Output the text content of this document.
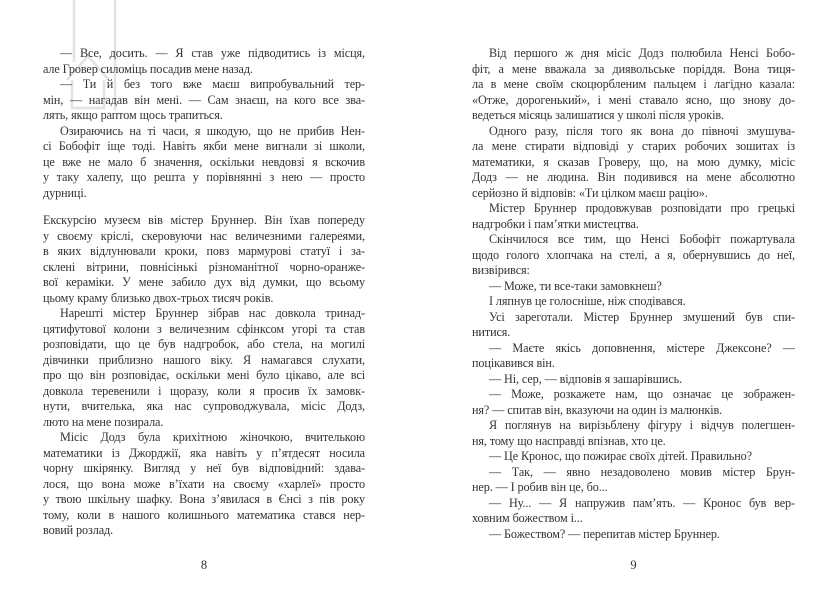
— Все, досить. — Я став уже підводитись із місця,
але Гровер силоміць посадив мене назад.
— Ти й без того вже маєш випробувальний тер-
мін, — нагадав він мені. — Сам знаєш, на кого все зва-
лять, якщо раптом щось трапиться.
Озираючись на ті часи, я шкодую, що не прибив Нен-
сі Бобофіт іще тоді. Навіть якби мене вигнали зі школи,
це вже не мало б значення, оскільки невдовзі я вскочив
у таку халепу, що решта у порівнянні з нею — просто
дурниці.
Екскурсію музеєм вів містер Бруннер. Він їхав попереду
у своєму кріслі, скеровуючи нас величезними галереями,
в яких відлунювали кроки, повз мармурові статуї і за-
склені вітрини, повнісінькі різноманітної чорно-оранже-
вої кераміки. У мене забило дух від думки, що всьому
цьому краму близько двох-трьох тисяч років.
Нарешті містер Бруннер зібрав нас довкола тринад-
цятифутової колони з величезним сфінксом угорі та став
розповідати, що це був надгробок, або стела, на могилі
дівчинки приблизно нашого віку. Я намагався слухати,
про що він розповідає, оскільки мені було цікаво, але всі
довкола теревенили і щоразу, коли я просив їх замовк-
нути, вчителька, яка нас супроводжувала, місіс Додз,
люто на мене позирала.
Місіс Додз була крихітною жіночкою, вчителькою
математики із Джорджії, яка навіть у п’ятдесят носила
чорну шкірянку. Вигляд у неї був відповідний: здава-
лося, що вона може в’їхати на своєму «харлеї» просто
у твою шкільну шафку. Вона з’явилася в Єнсі з пів року
тому, коли в нашого колишнього математика стався нер-
вовий розлад.
8
Від першого ж дня місіс Додз полюбила Ненсі Бобо-
фіт, а мене вважала за диявольське поріддя. Вона тиця-
ла в мене своїм скоцюрбленим пальцем і лагідно казала:
«Отже, дорогенький», і мені ставало ясно, що знову до-
ведеться місяць залишатися у школі після уроків.
Одного разу, після того як вона до півночі змушува-
ла мене стирати відповіді у старих робочих зошитах із
математики, я сказав Гроверу, що, на мою думку, місіс
Додз — не людина. Він подивився на мене абсолютно
серйозно й відповів: «Ти цілком маєш рацію».
Містер Бруннер продовжував розповідати про грецькі
надгробки і пам’ятки мистецтва.
Скінчилося все тим, що Ненсі Бобофіт пожартувала
щодо голого хлопчака на стелі, а я, обернувшись до неї,
визвірився:
— Може, ти все-таки замовкнеш?
І ляпнув це голосніше, ніж сподівався.
Усі зареготали. Містер Бруннер змушений був спи-
нитися.
— Маєте якісь доповнення, містере Джексоне? —
поцікавився він.
— Ні, сер, — відповів я зашарівшись.
— Може, розкажете нам, що означає це зображен-
ня? — спитав він, вказуючи на один із малюнків.
Я поглянув на вирізьблену фігуру і відчув полегшен-
ня, тому що насправді впізнав, хто це.
— Це Кронос, що пожирає своїх дітей. Правильно?
— Так, — явно незадоволено мовив містер Брун-
нер. — І робив він це, бо...
— Ну... — Я напружив пам’ять. — Кронос був вер-
ховним божеством і...
— Божеством? — перепитав містер Бруннер.
9
